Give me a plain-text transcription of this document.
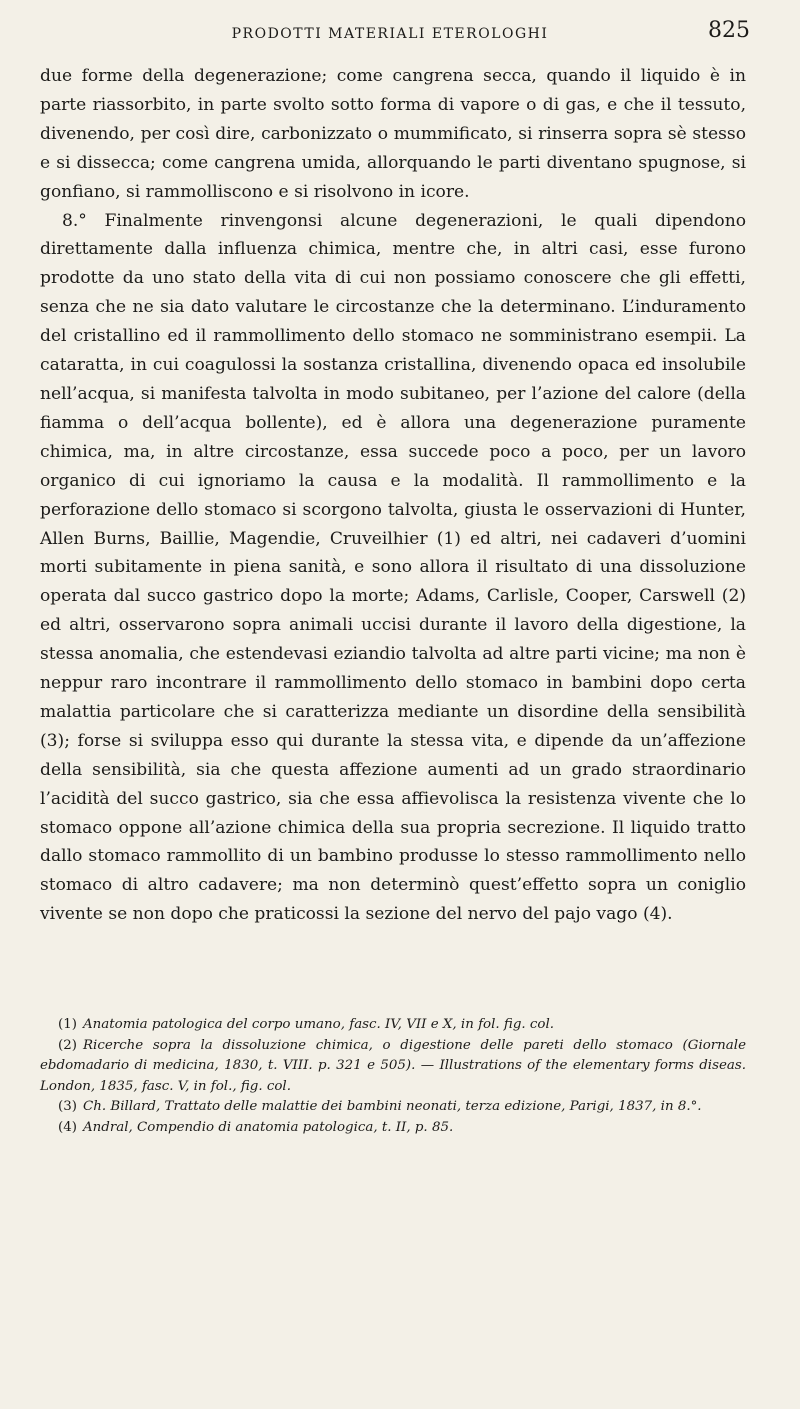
PRODOTTI MATERIALI ETEROLOGHI	825

due forme della degenerazione; come cangrena secca, quando il liquido è in parte riassorbito, in parte svolto sotto forma di vapore o di gas, e che il tessuto, divenendo, per così dire, carbonizzato o mummificato, si rinserra sopra sè stesso e si dissecca; come cangrena umida, allorquando le parti diventano spugnose, si gonfiano, si rammolliscono e si risolvono in icore.

8.° Finalmente rinvengonsi alcune degenerazioni, le quali dipendono direttamente dalla influenza chimica, mentre che, in altri casi, esse furono prodotte da uno stato della vita di cui non possiamo conoscere che gli effetti, senza che ne sia dato valutare le circostanze che la determinano. L’induramento del cristallino ed il rammollimento dello stomaco ne somministrano esempii. La cataratta, in cui coagulossi la sostanza cristallina, divenendo opaca ed insolubile nell’acqua, si manifesta talvolta in modo subitaneo, per l’azione del calore (della fiamma o dell’acqua bollente), ed è allora una degenerazione puramente chimica, ma, in altre circostanze, essa succede poco a poco, per un lavoro organico di cui ignoriamo la causa e la modalità. Il rammollimento e la perforazione dello stomaco si scorgono talvolta, giusta le osservazioni di Hunter, Allen Burns, Baillie, Magendie, Cruveilhier (1) ed altri, nei cadaveri d’uomini morti subitamente in piena sanità, e sono allora il risultato di una dissoluzione operata dal succo gastrico dopo la morte; Adams, Carlisle, Cooper, Carswell (2) ed altri, osservarono sopra animali uccisi durante il lavoro della digestione, la stessa anomalia, che estendevasi eziandio talvolta ad altre parti vicine; ma non è neppur raro incontrare il rammollimento dello stomaco in bambini dopo certa malattia particolare che si caratterizza mediante un disordine della sensibilità (3); forse si sviluppa esso qui durante la stessa vita, e dipende da un’affezione della sensibilità, sia che questa affezione aumenti ad un grado straordinario l’acidità del succo gastrico, sia che essa affievolisca la resistenza vivente che lo stomaco oppone all’azione chimica della sua propria secrezione. Il liquido tratto dallo stomaco rammollito di un bambino produsse lo stesso rammollimento nello stomaco di altro cadavere; ma non determinò quest’effetto sopra un coniglio vivente se non dopo che praticossi la sezione del nervo del pajo vago (4).

(1) Anatomia patologica del corpo umano, fasc. IV, VII e X, in fol. fig. col.

(2) Ricerche sopra la dissoluzione chimica, o digestione delle pareti dello stomaco (Giornale ebdomadario di medicina, 1830, t. VIII. p. 321 e 505). — Illustrations of the elementary forms diseas. London, 1835, fasc. V, in fol., fig. col.

(3) Ch. Billard, Trattato delle malattie dei bambini neonati, terza edizione, Parigi, 1837, in 8.°.

(4) Andral, Compendio di anatomia patologica, t. II, p. 85.
